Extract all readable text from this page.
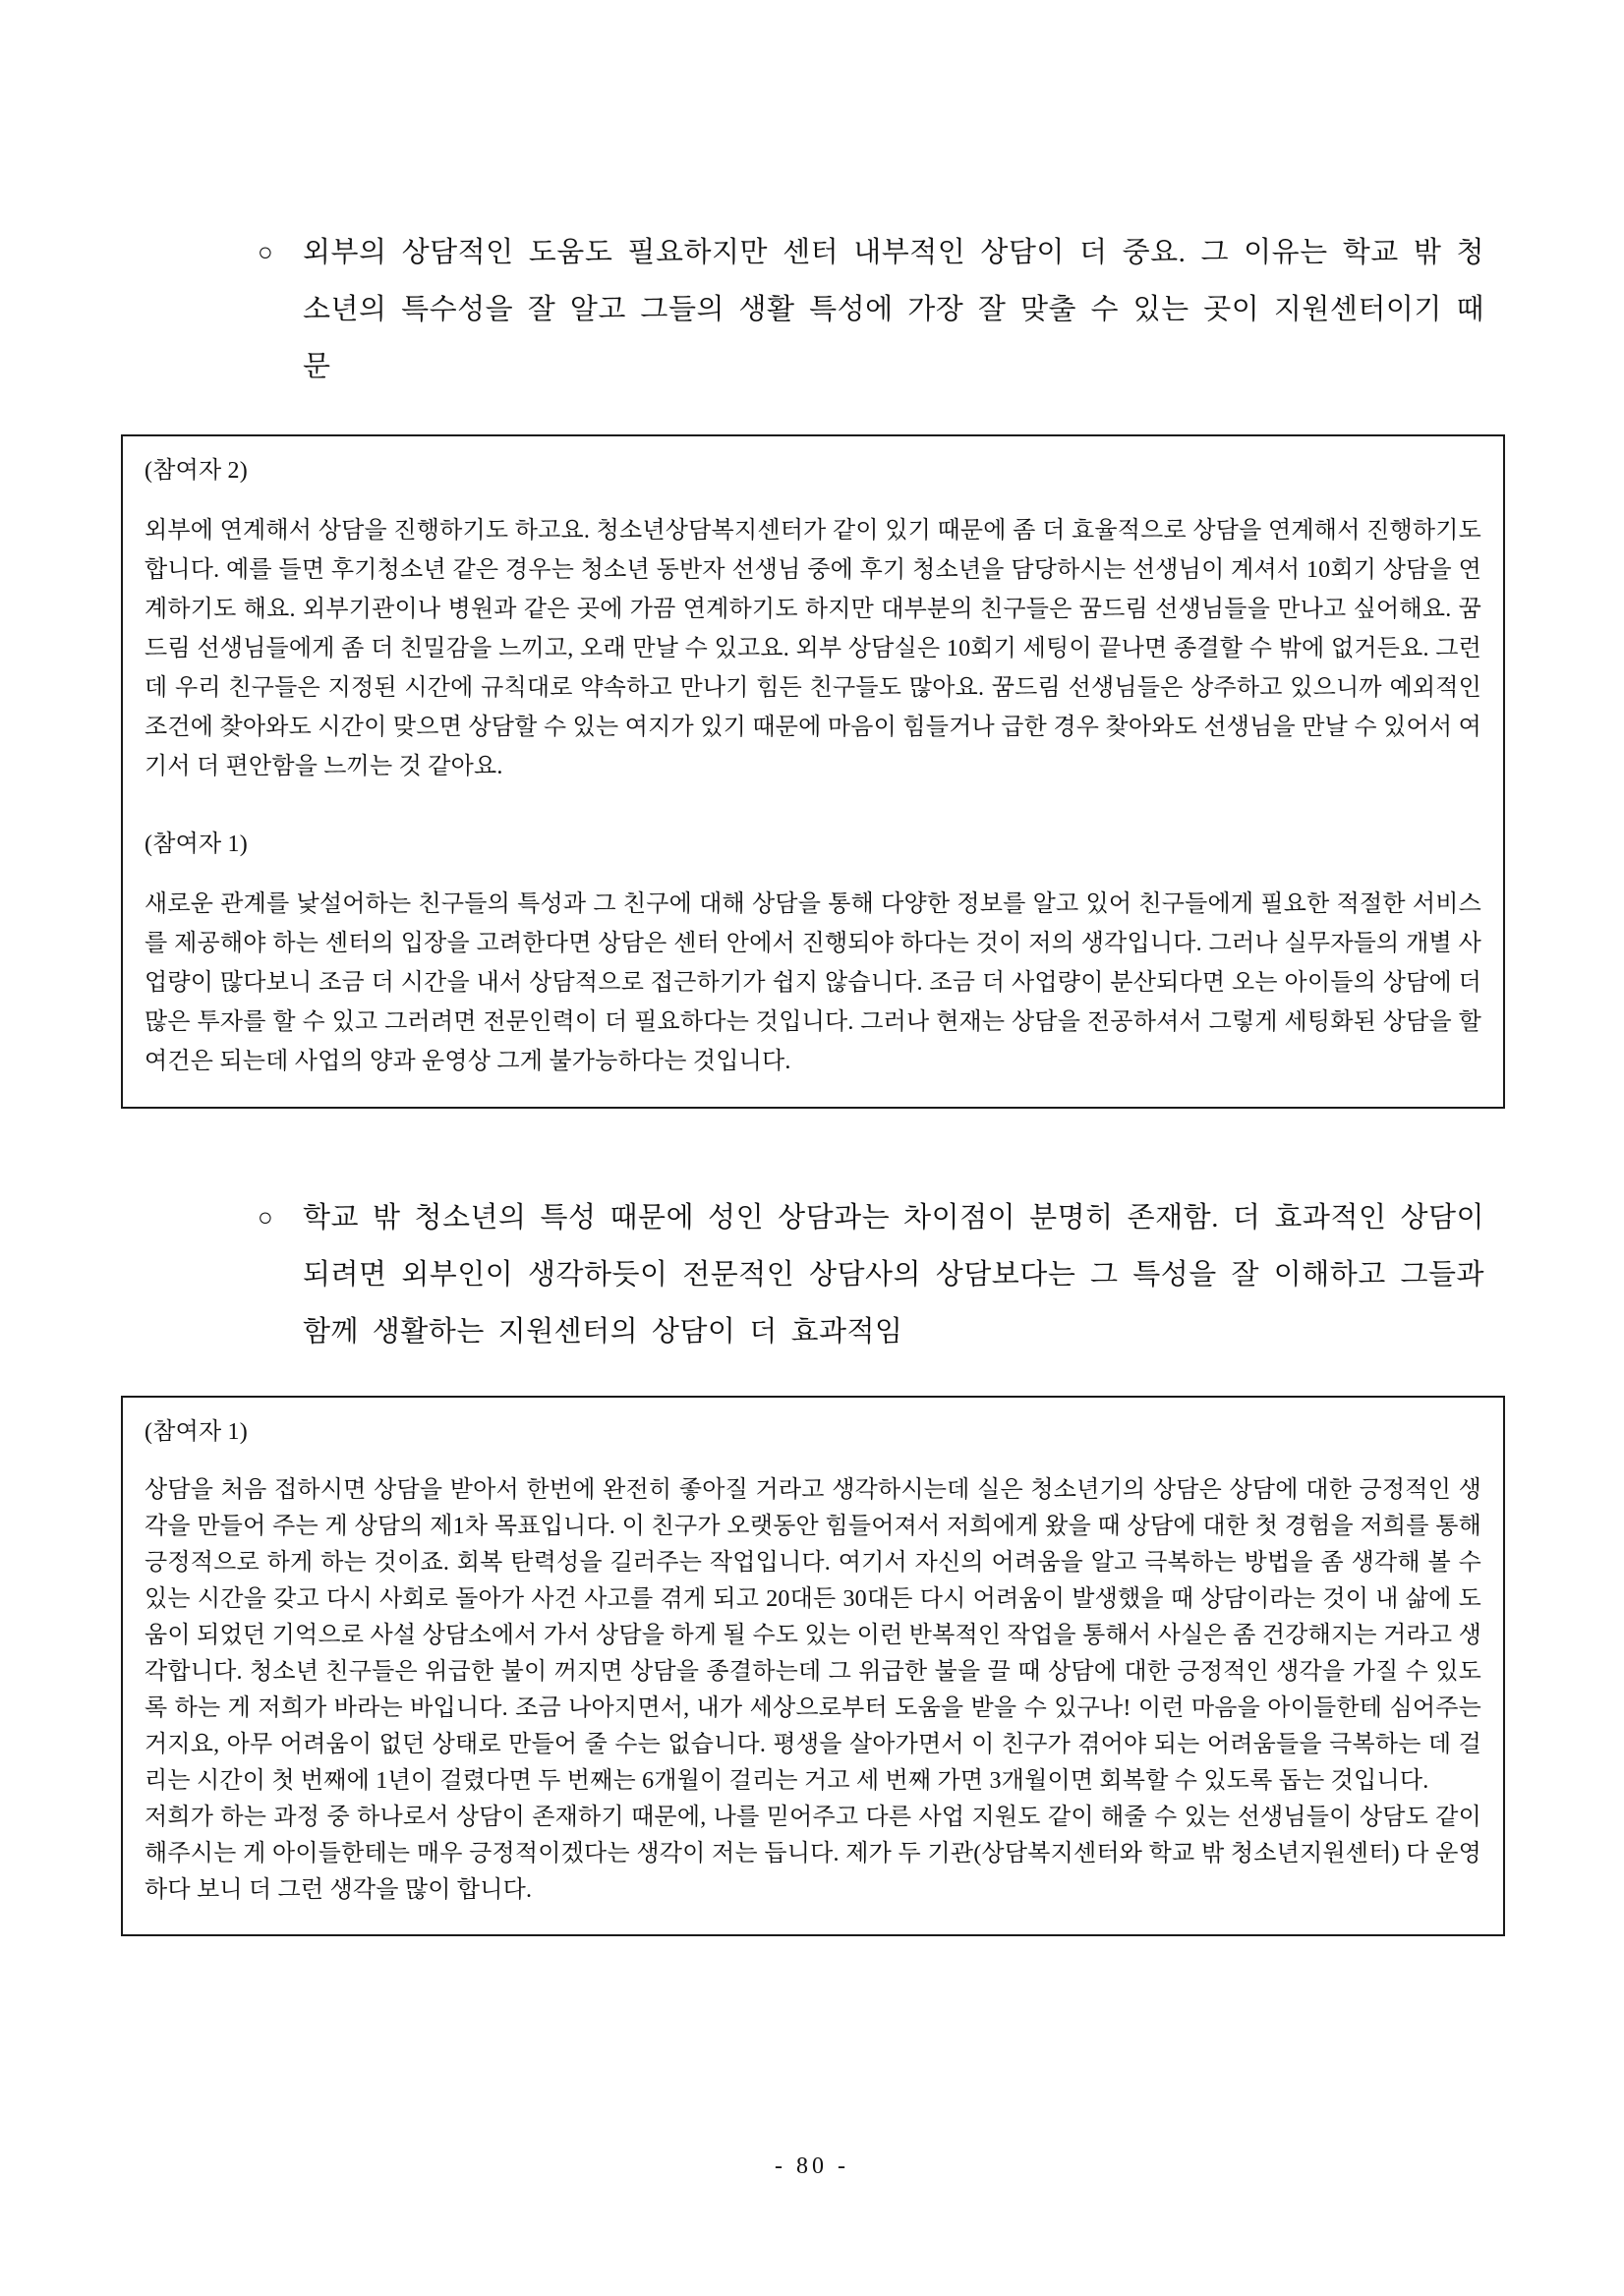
○	외부의 상담적인 도움도 필요하지만 센터 내부적인 상담이 더 중요. 그 이유는 학교 밖 청소년의 특수성을 잘 알고 그들의 생활 특성에 가장 잘 맞출 수 있는 곳이 지원센터이기 때문
(참여자 2)

외부에 연계해서 상담을 진행하기도 하고요. 청소년상담복지센터가 같이 있기 때문에 좀 더 효율적으로 상담을 연계해서 진행하기도 합니다. 예를 들면 후기청소년 같은 경우는 청소년 동반자 선생님 중에 후기 청소년을 담당하시는 선생님이 계셔서 10회기 상담을 연계하기도 해요. 외부기관이나 병원과 같은 곳에 가끔 연계하기도 하지만 대부분의 친구들은 꿈드림 선생님들을 만나고 싶어해요. 꿈드림 선생님들에게 좀 더 친밀감을 느끼고, 오래 만날 수 있고요. 외부 상담실은 10회기 세팅이 끝나면 종결할 수 밖에 없거든요. 그런데 우리 친구들은 지정된 시간에 규칙대로 약속하고 만나기 힘든 친구들도 많아요. 꿈드림 선생님들은 상주하고 있으니까 예외적인 조건에 찾아와도 시간이 맞으면 상담할 수 있는 여지가 있기 때문에 마음이 힘들거나 급한 경우 찾아와도 선생님을 만날 수 있어서 여기서 더 편안함을 느끼는 것 같아요.

(참여자 1)

새로운 관계를 낯설어하는 친구들의 특성과 그 친구에 대해 상담을 통해 다양한 정보를 알고 있어 친구들에게 필요한 적절한 서비스를 제공해야 하는 센터의 입장을 고려한다면 상담은 센터 안에서 진행되야 하다는 것이 저의 생각입니다. 그러나 실무자들의 개별 사업량이 많다보니 조금 더 시간을 내서 상담적으로 접근하기가 쉽지 않습니다. 조금 더 사업량이 분산되다면 오는 아이들의 상담에 더 많은 투자를 할 수 있고 그러려면 전문인력이 더 필요하다는 것입니다. 그러나 현재는 상담을 전공하셔서 그렇게 세팅화된 상담을 할 여건은 되는데 사업의 양과 운영상 그게 불가능하다는 것입니다.

○	학교 밖 청소년의 특성 때문에 성인 상담과는 차이점이 분명히 존재함. 더 효과적인 상담이 되려면 외부인이 생각하듯이 전문적인 상담사의 상담보다는 그 특성을 잘 이해하고 그들과 함께 생활하는 지원센터의 상담이 더 효과적임
(참여자 1)

상담을 처음 접하시면 상담을 받아서 한번에 완전히 좋아질 거라고 생각하시는데 실은 청소년기의 상담은 상담에 대한 긍정적인 생각을 만들어 주는 게 상담의 제1차 목표입니다. 이 친구가 오랫동안 힘들어져서 저희에게 왔을 때 상담에 대한 첫 경험을 저희를 통해 긍정적으로 하게 하는 것이죠. 회복 탄력성을 길러주는 작업입니다. 여기서 자신의 어려움을 알고 극복하는 방법을 좀 생각해 볼 수 있는 시간을 갖고 다시 사회로 돌아가 사건 사고를 겪게 되고 20대든 30대든 다시 어려움이 발생했을 때 상담이라는 것이 내 삶에 도움이 되었던 기억으로 사설 상담소에서 가서 상담을 하게 될 수도 있는 이런 반복적인 작업을 통해서 사실은 좀 건강해지는 거라고 생각합니다. 청소년 친구들은 위급한 불이 꺼지면 상담을 종결하는데 그 위급한 불을 끌 때 상담에 대한 긍정적인 생각을 가질 수 있도록 하는 게 저희가 바라는 바입니다. 조금 나아지면서, 내가 세상으로부터 도움을 받을 수 있구나! 이런 마음을 아이들한테 심어주는 거지요, 아무 어려움이 없던 상태로 만들어 줄 수는 없습니다. 평생을 살아가면서 이 친구가 겪어야 되는 어려움들을 극복하는 데 걸리는 시간이 첫 번째에 1년이 걸렸다면 두 번째는 6개월이 걸리는 거고 세 번째 가면 3개월이면 회복할 수 있도록 돕는 것입니다.

저희가 하는 과정 중 하나로서 상담이 존재하기 때문에, 나를 믿어주고 다른 사업 지원도 같이 해줄 수 있는 선생님들이 상담도 같이 해주시는 게 아이들한테는 매우 긍정적이겠다는 생각이 저는 듭니다. 제가 두 기관(상담복지센터와 학교 밖 청소년지원센터) 다 운영하다 보니 더 그런 생각을 많이 합니다.

- 80 -
